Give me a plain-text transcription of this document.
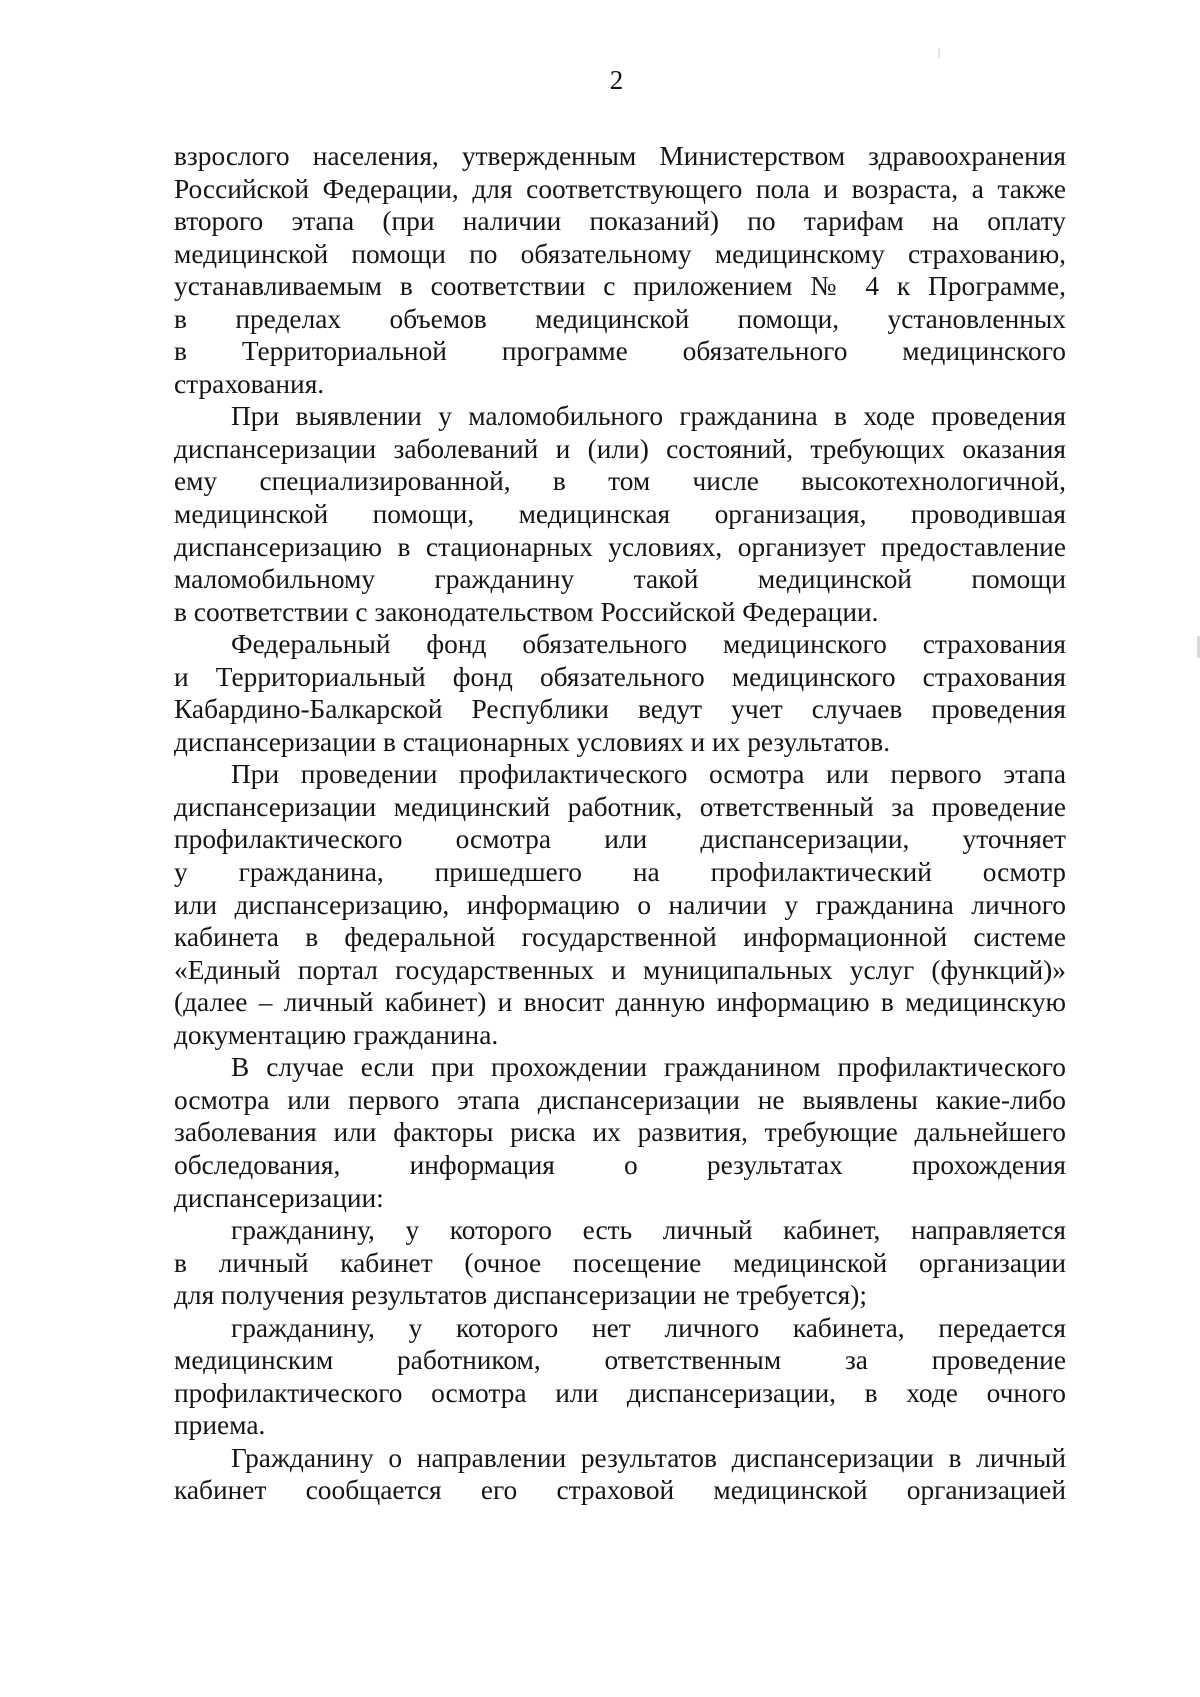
2
взрослого населения, утвержденным Министерством здравоохранения
Российской Федерации, для соответствующего пола и возраста, а также
второго этапа (при наличии показаний) по тарифам на оплату
медицинской помощи по обязательному медицинскому страхованию,
устанавливаемым в соответствии с приложением № 4 к Программе,
в пределах объемов медицинской помощи, установленных
в Территориальной программе обязательного медицинского
страхования.
При выявлении у маломобильного гражданина в ходе проведения
диспансеризации заболеваний и (или) состояний, требующих оказания
ему специализированной, в том числе высокотехнологичной,
медицинской помощи, медицинская организация, проводившая
диспансеризацию в стационарных условиях, организует предоставление
маломобильному гражданину такой медицинской помощи
в соответствии с законодательством Российской Федерации.
Федеральный фонд обязательного медицинского страхования
и Территориальный фонд обязательного медицинского страхования
Кабардино-Балкарской Республики ведут учет случаев проведения
диспансеризации в стационарных условиях и их результатов.
При проведении профилактического осмотра или первого этапа
диспансеризации медицинский работник, ответственный за проведение
профилактического осмотра или диспансеризации, уточняет
у гражданина, пришедшего на профилактический осмотр
или диспансеризацию, информацию о наличии у гражданина личного
кабинета в федеральной государственной информационной системе
«Единый портал государственных и муниципальных услуг (функций)»
(далее – личный кабинет) и вносит данную информацию в медицинскую
документацию гражданина.
В случае если при прохождении гражданином профилактического
осмотра или первого этапа диспансеризации не выявлены какие-либо
заболевания или факторы риска их развития, требующие дальнейшего
обследования, информация о результатах прохождения
диспансеризации:
гражданину, у которого есть личный кабинет, направляется
в личный кабинет (очное посещение медицинской организации
для получения результатов диспансеризации не требуется);
гражданину, у которого нет личного кабинета, передается
медицинским работником, ответственным за проведение
профилактического осмотра или диспансеризации, в ходе очного
приема.
Гражданину о направлении результатов диспансеризации в личный
кабинет сообщается его страховой медицинской организацией
